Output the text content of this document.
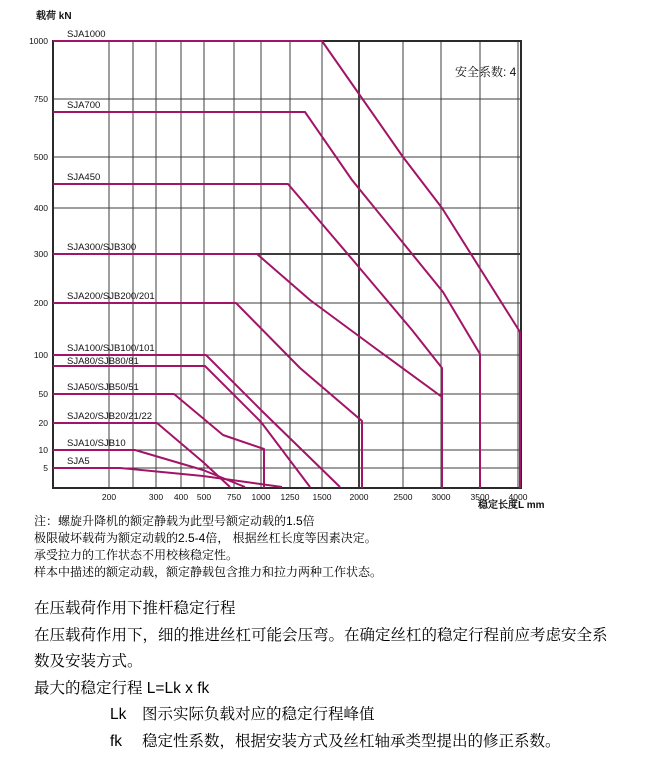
200	300 400 500 750 1000 1250 1500 2000	2500 3000 3500 4000
1000
750
500
400
300
200
100
50
20
10
5
SJA1000
SJA700
SJA450
SJA300/SJB300
SJA200/SJB200/201
SJA100/SJB100/101
SJA80/SJB80/81
SJA50/SJB50/51
SJA20/SJB20/21/22
SJA10/SJB10
SJA5
载荷 kN
稳定长度L mm
安全系数: 4

注：螺旋升降机的额定静载为此型号额定动载的1.5倍

极限破坏载荷为额定动载的2.5-4倍， 根据丝杠长度等因素决定。

承受拉力的工作状态不用校核稳定性。

样本中描述的额定动载，额定静载包含推力和拉力两种工作状态。

在压载荷作用下推杆稳定行程

在压载荷作用下，细的推进丝杠可能会压弯。在确定丝杠的稳定行程前应考虑安全系

数及安装方式。

最大的稳定行程 L=Lk x fk

Lk	图示实际负载对应的稳定行程峰值
fk	稳定性系数，根据安装方式及丝杠轴承类型提出的修正系数。
